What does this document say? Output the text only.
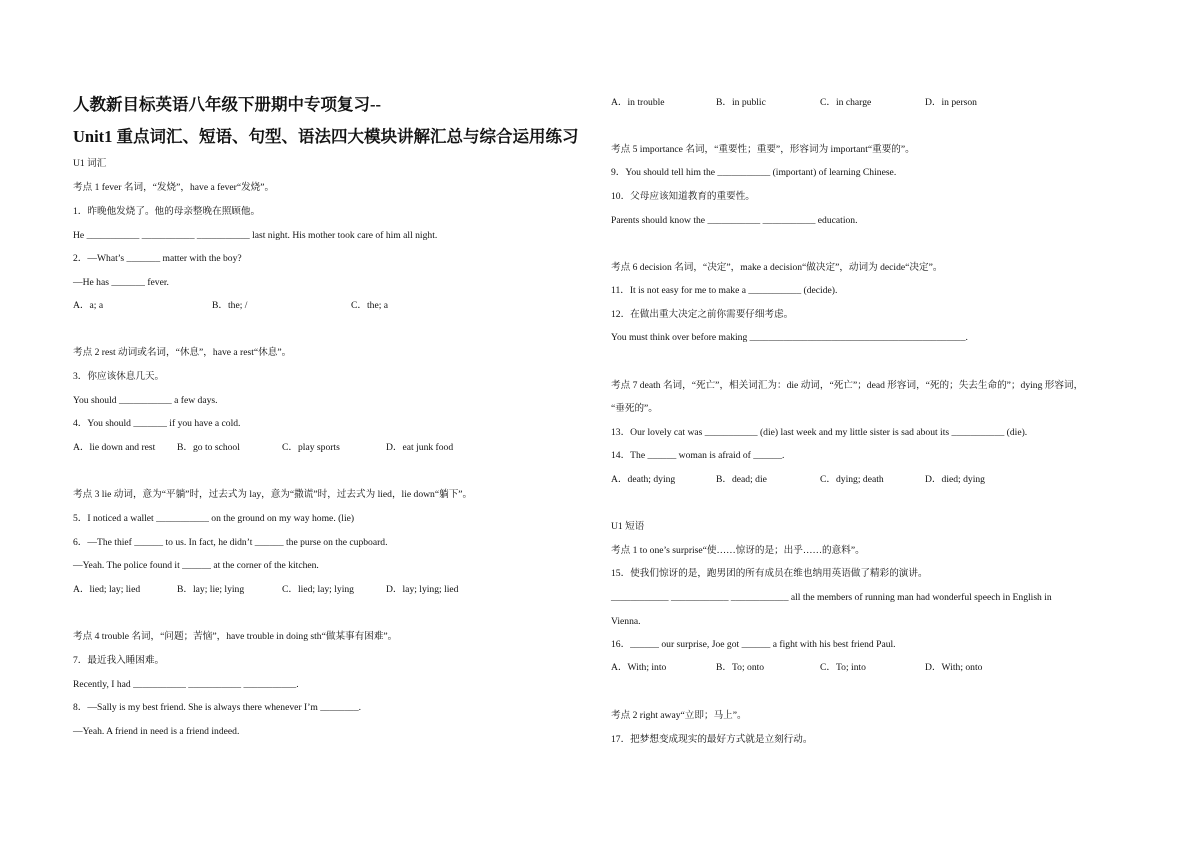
人教新目标英语八年级下册期中专项复习--
Unit1 重点词汇、短语、句型、语法四大模块讲解汇总与综合运用练习
U1 词汇
考点 1 fever 名词，“发烧”，have a fever“发烧”。
1．昨晚他发烧了。他的母亲整晚在照顾他。
He ___________ ___________ ___________ last night. His mother took care of him all night.
2．—What’s _______ matter with the boy?
—He has _______ fever.
A．a; a	B．the; /	C．the; a
考点 2 rest 动词或名词，“休息”，have a rest“休息”。
3．你应该休息几天。
You should ___________ a few days.
4．You should _______ if you have a cold.
A．lie down and rest B．go to school	C．play sports	D．eat junk food
考点 3 lie 动词，意为“平躺”时，过去式为 lay，意为“撒谎”时，过去式为 lied，lie down“躺下”。
5．I noticed a wallet ___________ on the ground on my way home. (lie)
6．—The thief ______ to us. In fact, he didn’t ______ the purse on the cupboard.
—Yeah. The police found it ______ at the corner of the kitchen.
A．lied; lay; lied	B．lay; lie; lying	C．lied; lay; lying	D．lay; lying; lied
考点 4 trouble 名词，“问题；苦恼”，have trouble in doing sth“做某事有困难”。
7．最近我入睡困难。
Recently, I had ___________ ___________ ___________.
8．—Sally is my best friend. She is always there whenever I’m ________.
—Yeah. A friend in need is a friend indeed.
A．in trouble	B．in public	C．in charge	D．in person
考点 5 importance 名词，“重要性；重要”，形容词为 important“重要的”。
9．You should tell him the ___________ (important) of learning Chinese.
10．父母应该知道教育的重要性。
Parents should know the ___________ ___________ education.
考点 6 decision 名词，“决定”，make a decision“做决定”，动词为 decide“决定”。
11．It is not easy for me to make a ___________ (decide).
12．在做出重大决定之前你需要仔细考虑。
You must think over before making _____________________________________________.
考点 7 death 名词，“死亡”，相关词汇为：die 动词，“死亡”；dead 形容词，“死的；失去生命的”；dying 形容词，
“垂死的”。
13．Our lovely cat was ___________ (die) last week and my little sister is sad about its ___________ (die).
14．The ______ woman is afraid of ______.
A．death; dying	B．dead; die	C．dying; death	D．died; dying
U1 短语
考点 1 to one’s surprise“使……惊讶的是；出乎……的意料”。
15．使我们惊讶的是，跑男团的所有成员在维也纳用英语做了精彩的演讲。
____________ ____________ ____________ all the members of running man had wonderful speech in English in
Vienna.
16．______ our surprise, Joe got ______ a fight with his best friend Paul.
A．With; into	B．To; onto	C．To; into	D．With; onto
考点 2 right away“立即；马上”。
17．把梦想变成现实的最好方式就是立刻行动。
